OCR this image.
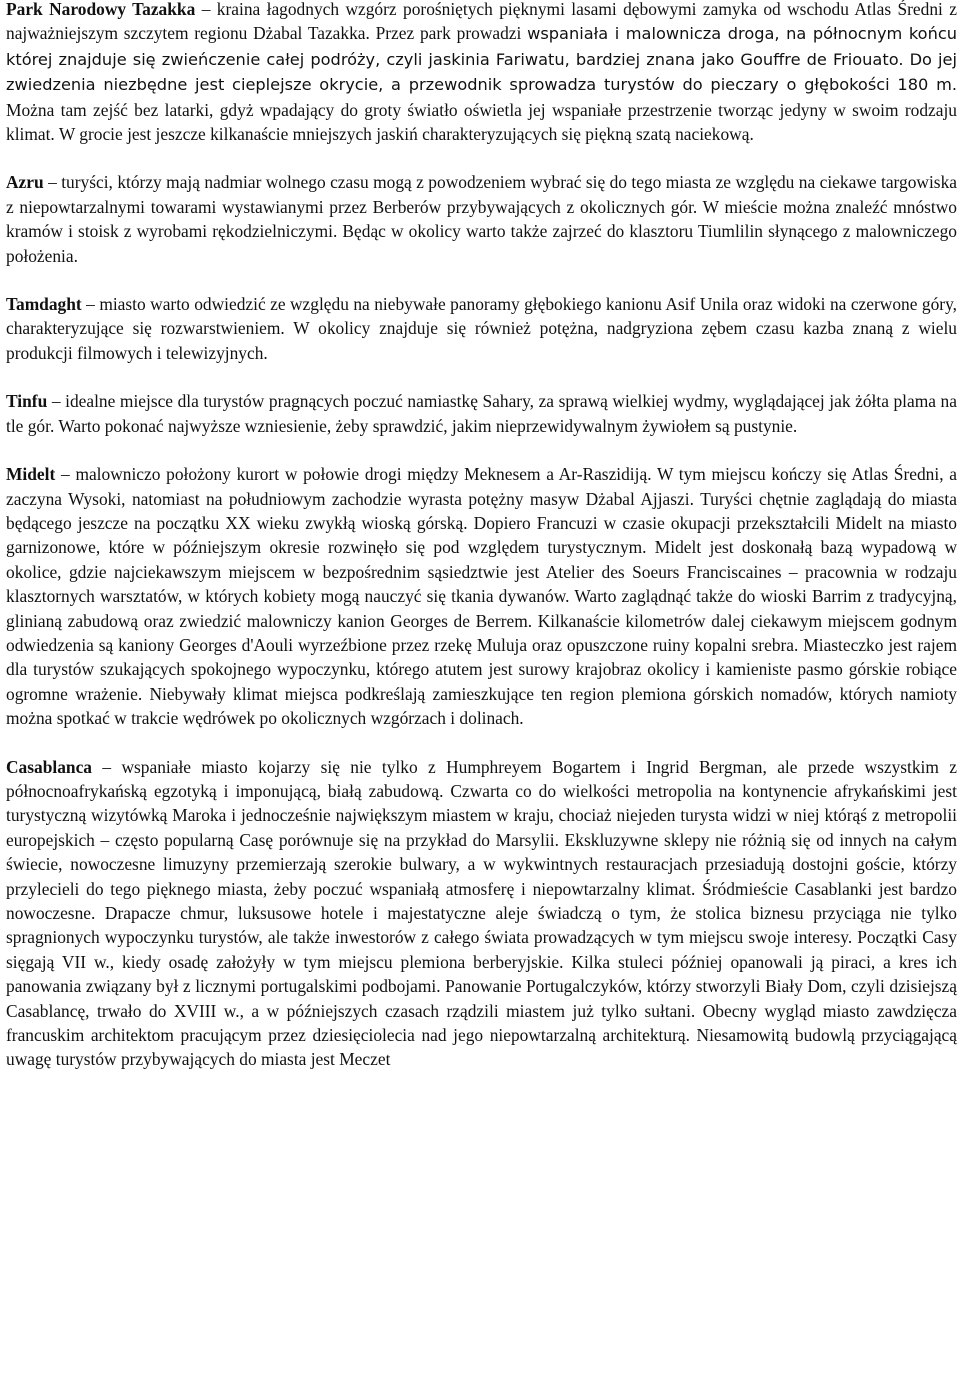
Park Narodowy Tazakka – kraina łagodnych wzgórz porośniętych pięknymi lasami dębowymi zamyka od wschodu Atlas Średni z najważniejszym szczytem regionu Dżabal Tazakka. Przez park prowadzi wspaniała i malownicza droga, na północnym końcu której znajduje się zwieńczenie całej podróży, czyli jaskinia Fariwatu, bardziej znana jako Gouffre de Friouato. Do jej zwiedzenia niezbędne jest cieplejsze okrycie, a przewodnik sprowadza turystów do pieczary o głębokości 180 m. Można tam zejść bez latarki, gdyż wpadający do groty światło oświetla jej wspaniałe przestrzenie tworząc jedyny w swoim rodzaju klimat. W grocie jest jeszcze kilkanaście mniejszych jaskiń charakteryzujących się piękną szatą naciekową.

Azru – turyści, którzy mają nadmiar wolnego czasu mogą z powodzeniem wybrać się do tego miasta ze względu na ciekawe targowiska z niepowtarzalnymi towarami wystawianymi przez Berberów przybywających z okolicznych gór. W mieście można znaleźć mnóstwo kramów i stoisk z wyrobami rękodzielniczymi. Będąc w okolicy warto także zajrzeć do klasztoru Tiumlilin słynącego z malowniczego położenia.

Tamdaght – miasto warto odwiedzić ze względu na niebywałe panoramy głębokiego kanionu Asif Unila oraz widoki na czerwone góry, charakteryzujące się rozwarstwieniem. W okolicy znajduje się również potężna, nadgryziona zębem czasu kazba znaną z wielu produkcji filmowych i telewizyjnych.

Tinfu – idealne miejsce dla turystów pragnących poczuć namiastkę Sahary, za sprawą wielkiej wydmy, wyglądającej jak żółta plama na tle gór. Warto pokonać najwyższe wzniesienie, żeby sprawdzić, jakim nieprzewidywalnym żywiołem są pustynie.

Midelt – malowniczo położony kurort w połowie drogi między Meknesem a Ar-Raszidiją. W tym miejscu kończy się Atlas Średni, a zaczyna Wysoki, natomiast na południowym zachodzie wyrasta potężny masyw Dżabal Ajjaszi. Turyści chętnie zaglądają do miasta będącego jeszcze na początku XX wieku zwykłą wioską górską. Dopiero Francuzi w czasie okupacji przekształcili Midelt na miasto garnizonowe, które w późniejszym okresie rozwinęło się pod względem turystycznym. Midelt jest doskonałą bazą wypadową w okolice, gdzie najciekawszym miejscem w bezpośrednim sąsiedztwie jest Atelier des Soeurs Franciscaines – pracownia w rodzaju klasztornych warsztatów, w których kobiety mogą nauczyć się tkania dywanów. Warto zaglądnąć także do wioski Barrim z tradycyjną, glinianą zabudową oraz zwiedzić malowniczy kanion Georges de Berrem. Kilkanaście kilometrów dalej ciekawym miejscem godnym odwiedzenia są kaniony Georges d'Aouli wyrzeźbione przez rzekę Muluja oraz opuszczone ruiny kopalni srebra. Miasteczko jest rajem dla turystów szukających spokojnego wypoczynku, którego atutem jest surowy krajobraz okolicy i kamieniste pasmo górskie robiące ogromne wrażenie. Niebywały klimat miejsca podkreślają zamieszkujące ten region plemiona górskich nomadów, których namioty można spotkać w trakcie wędrówek po okolicznych wzgórzach i dolinach.

Casablanca – wspaniałe miasto kojarzy się nie tylko z Humphreyem Bogartem i Ingrid Bergman, ale przede wszystkim z północnoafrykańską egzotyką i imponującą, białą zabudową. Czwarta co do wielkości metropolia na kontynencie afrykańskimi jest turystyczną wizytówką Maroka i jednocześnie największym miastem w kraju, chociaż niejeden turysta widzi w niej którąś z metropolii europejskich – często popularną Casę porównuje się na przykład do Marsylii. Ekskluzywne sklepy nie różnią się od innych na całym świecie, nowoczesne limuzyny przemierzają szerokie bulwary, a w wykwintnych restauracjach przesiadują dostojni goście, którzy przylecieli do tego pięknego miasta, żeby poczuć wspaniałą atmosferę i niepowtarzalny klimat. Śródmieście Casablanki jest bardzo nowoczesne. Drapacze chmur, luksusowe hotele i majestatyczne aleje świadczą o tym, że stolica biznesu przyciąga nie tylko spragnionych wypoczynku turystów, ale także inwestorów z całego świata prowadzących w tym miejscu swoje interesy. Początki Casy sięgają VII w., kiedy osadę założyły w tym miejscu plemiona berberyjskie. Kilka stuleci później opanowali ją piraci, a kres ich panowania związany był z licznymi portugalskimi podbojami. Panowanie Portugalczyków, którzy stworzyli Biały Dom, czyli dzisiejszą Casablancę, trwało do XVIII w., a w późniejszych czasach rządzili miastem już tylko sułtani. Obecny wygląd miasto zawdzięcza francuskim architektom pracującym przez dziesięciolecia nad jego niepowtarzalną architekturą. Niesamowitą budowlą przyciągającą uwagę turystów przybywających do miasta jest Meczet
